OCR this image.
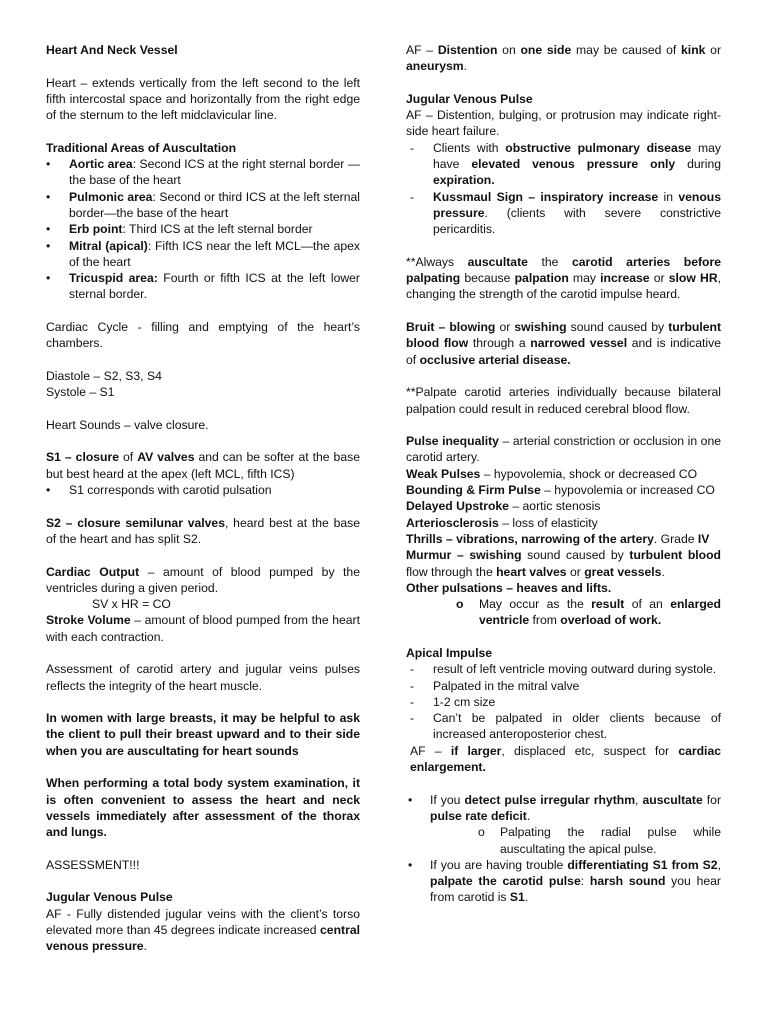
Heart And Neck Vessel

Heart – extends vertically from the left second to the left fifth intercostal space and horizontally from the right edge of the sternum to the left midclavicular line.

Traditional Areas of Auscultation

•	Aortic area: Second ICS at the right sternal border —the base of the heart

•	Pulmonic area: Second or third ICS at the left sternal border—the base of the heart

•	Erb point: Third ICS at the left sternal border

•	Mitral (apical): Fifth ICS near the left MCL—the apex of the heart

•	Tricuspid area: Fourth or fifth ICS at the left lower sternal border.

Cardiac Cycle - filling and emptying of the heart’s chambers.

Diastole – S2, S3, S4

Systole – S1

Heart Sounds – valve closure.

S1 – closure of AV valves and can be softer at the base but best heard at the apex (left MCL, fifth ICS)

•	S1 corresponds with carotid pulsation

S2 – closure semilunar valves, heard best at the base of the heart and has split S2.

Cardiac Output – amount of blood pumped by the ventricles during a given period.

SV x HR = CO

Stroke Volume – amount of blood pumped from the heart with each contraction.

Assessment of carotid artery and jugular veins pulses reflects the integrity of the heart muscle.

In women with large breasts, it may be helpful to ask the client to pull their breast upward and to their side when you are auscultating for heart sounds

When performing a total body system examination, it is often convenient to assess the heart and neck vessels immediately after assessment of the thorax and lungs.

ASSESSMENT!!!

Jugular Venous Pulse

AF - Fully distended jugular veins with the client’s torso elevated more than 45 degrees indicate increased central venous pressure.

AF – Distention on one side may be caused of kink or aneurysm.

Jugular Venous Pulse

AF – Distention, bulging, or protrusion may indicate right-side heart failure.

- Clients with obstructive pulmonary disease may have elevated venous pressure only during expiration.

- Kussmaul Sign – inspiratory increase in venous pressure. (clients with severe constrictive pericarditis.

**Always auscultate the carotid arteries before palpating because palpation may increase or slow HR, changing the strength of the carotid impulse heard.

Bruit – blowing or swishing sound caused by turbulent blood flow through a narrowed vessel and is indicative of occlusive arterial disease.

**Palpate carotid arteries individually because bilateral palpation could result in reduced cerebral blood flow.

Pulse inequality – arterial constriction or occlusion in one carotid artery.

Weak Pulses – hypovolemia, shock or decreased CO

Bounding & Firm Pulse – hypovolemia or increased CO

Delayed Upstroke – aortic stenosis

Arteriosclerosis – loss of elasticity

Thrills – vibrations, narrowing of the artery. Grade IV

Murmur – swishing sound caused by turbulent blood flow through the heart valves or great vessels.

Other pulsations – heaves and lifts.

o May occur as the result of an enlarged ventricle from overload of work.

Apical Impulse

- result of left ventricle moving outward during systole.

- Palpated in the mitral valve

- 1-2 cm size

- Can’t be palpated in older clients because of increased anteroposterior chest.

AF – if larger, displaced etc, suspect for cardiac enlargement.

• If you detect pulse irregular rhythm, auscultate for pulse rate deficit.

o Palpating the radial pulse while auscultating the apical pulse.

• If you are having trouble differentiating S1 from S2, palpate the carotid pulse: harsh sound you hear from carotid is S1.
